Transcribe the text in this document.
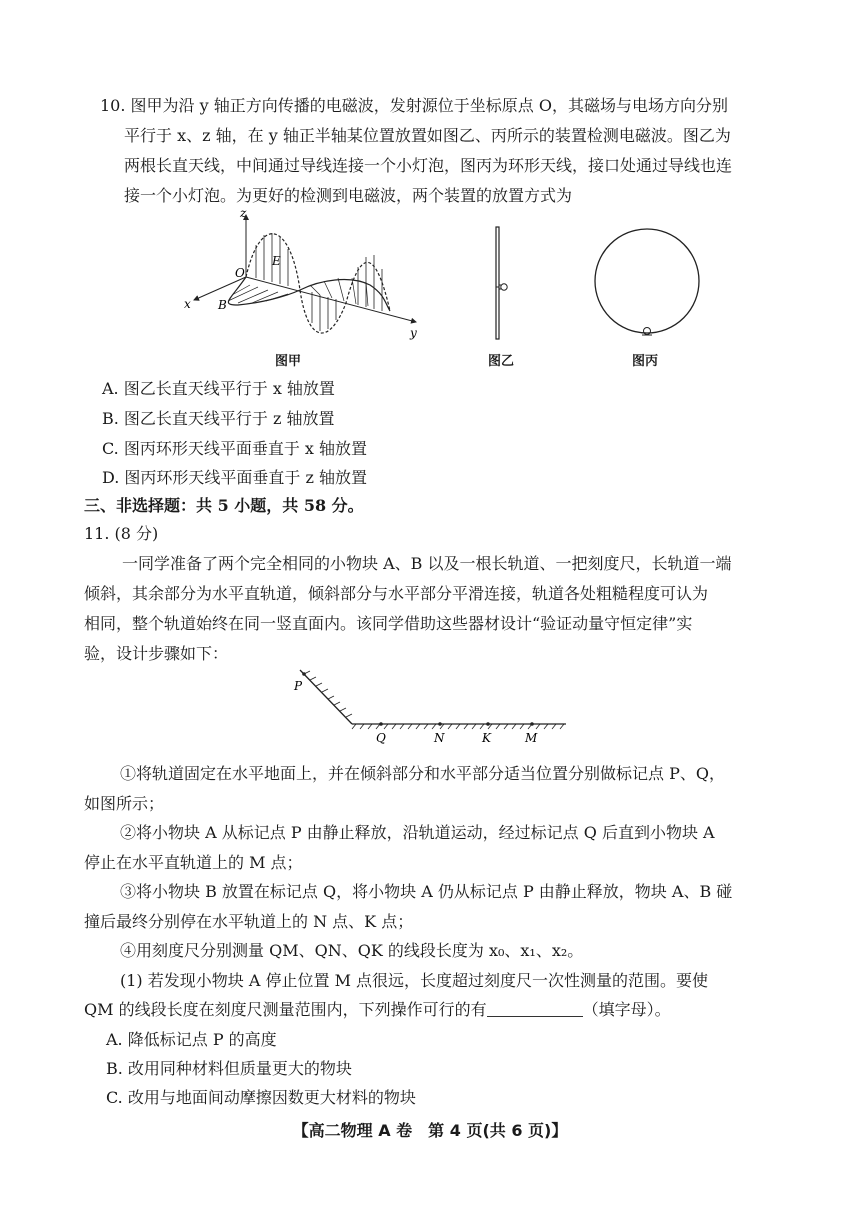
10. 图甲为沿 y 轴正方向传播的电磁波，发射源位于坐标原点 O，其磁场与电场方向分别
平行于 x、z 轴，在 y 轴正半轴某位置放置如图乙、丙所示的装置检测电磁波。图乙为
两根长直天线，中间通过导线连接一个小灯泡，图丙为环形天线，接口处通过导线也连
接一个小灯泡。为更好的检测到电磁波，两个装置的放置方式为
z
x
y
O
E
B
图甲	图乙	图丙
A. 图乙长直天线平行于 x 轴放置
B. 图乙长直天线平行于 z 轴放置
C. 图丙环形天线平面垂直于 x 轴放置
D. 图丙环形天线平面垂直于 z 轴放置
三、非选择题：共 5 小题，共 58 分。
11. (8 分)
一同学准备了两个完全相同的小物块 A、B 以及一根长轨道、一把刻度尺，长轨道一端
倾斜，其余部分为水平直轨道，倾斜部分与水平部分平滑连接，轨道各处粗糙程度可认为
相同，整个轨道始终在同一竖直面内。该同学借助这些器材设计“验证动量守恒定律”实
验，设计步骤如下：
P
Q	N	K	M
①将轨道固定在水平地面上，并在倾斜部分和水平部分适当位置分别做标记点 P、Q，
如图所示；
②将小物块 A 从标记点 P 由静止释放，沿轨道运动，经过标记点 Q 后直到小物块 A
停止在水平直轨道上的 M 点；
③将小物块 B 放置在标记点 Q，将小物块 A 仍从标记点 P 由静止释放，物块 A、B 碰
撞后最终分别停在水平轨道上的 N 点、K 点；
④用刻度尺分别测量 QM、QN、QK 的线段长度为 x₀、x₁、x₂。
(1) 若发现小物块 A 停止位置 M 点很远，长度超过刻度尺一次性测量的范围。要使
QM 的线段长度在刻度尺测量范围内，下列操作可行的有	（填字母）。
A. 降低标记点 P 的高度
B. 改用同种材料但质量更大的物块
C. 改用与地面间动摩擦因数更大材料的物块
【高二物理 A 卷　第 4 页(共 6 页)】
